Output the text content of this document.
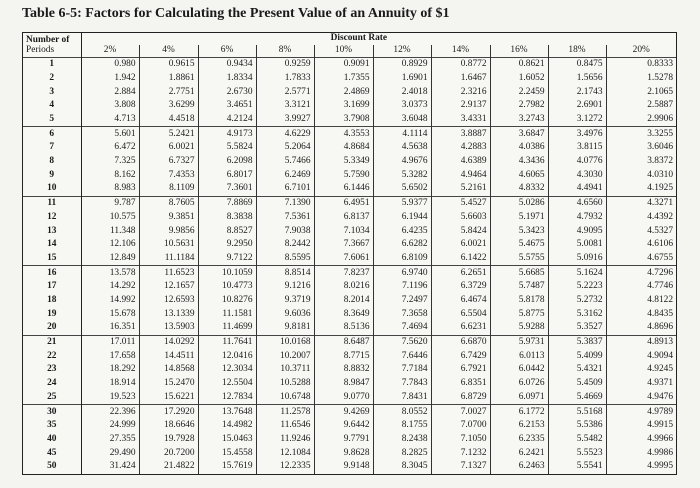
Table 6-5: Factors for Calculating the Present Value of an Annuity of $1
Number of	Discount Rate									
Periods	2%	4%	6%	8%	10%	12%	14%	16%	18%	20%
1	0.980	0.9615	0.9434	0.9259	0.9091	0.8929	0.8772	0.8621	0.8475	0.8333
2	1.942	1.8861	1.8334	1.7833	1.7355	1.6901	1.6467	1.6052	1.5656	1.5278
3	2.884	2.7751	2.6730	2.5771	2.4869	2.4018	2.3216	2.2459	2.1743	2.1065
4	3.808	3.6299	3.4651	3.3121	3.1699	3.0373	2.9137	2.7982	2.6901	2.5887
5	4.713	4.4518	4.2124	3.9927	3.7908	3.6048	3.4331	3.2743	3.1272	2.9906
6	5.601	5.2421	4.9173	4.6229	4.3553	4.1114	3.8887	3.6847	3.4976	3.3255
7	6.472	6.0021	5.5824	5.2064	4.8684	4.5638	4.2883	4.0386	3.8115	3.6046
8	7.325	6.7327	6.2098	5.7466	5.3349	4.9676	4.6389	4.3436	4.0776	3.8372
9	8.162	7.4353	6.8017	6.2469	5.7590	5.3282	4.9464	4.6065	4.3030	4.0310
10	8.983	8.1109	7.3601	6.7101	6.1446	5.6502	5.2161	4.8332	4.4941	4.1925
11	9.787	8.7605	7.8869	7.1390	6.4951	5.9377	5.4527	5.0286	4.6560	4.3271
12	10.575	9.3851	8.3838	7.5361	6.8137	6.1944	5.6603	5.1971	4.7932	4.4392
13	11.348	9.9856	8.8527	7.9038	7.1034	6.4235	5.8424	5.3423	4.9095	4.5327
14	12.106	10.5631	9.2950	8.2442	7.3667	6.6282	6.0021	5.4675	5.0081	4.6106
15	12.849	11.1184	9.7122	8.5595	7.6061	6.8109	6.1422	5.5755	5.0916	4.6755
16	13.578	11.6523	10.1059	8.8514	7.8237	6.9740	6.2651	5.6685	5.1624	4.7296
17	14.292	12.1657	10.4773	9.1216	8.0216	7.1196	6.3729	5.7487	5.2223	4.7746
18	14.992	12.6593	10.8276	9.3719	8.2014	7.2497	6.4674	5.8178	5.2732	4.8122
19	15.678	13.1339	11.1581	9.6036	8.3649	7.3658	6.5504	5.8775	5.3162	4.8435
20	16.351	13.5903	11.4699	9.8181	8.5136	7.4694	6.6231	5.9288	5.3527	4.8696
21	17.011	14.0292	11.7641	10.0168	8.6487	7.5620	6.6870	5.9731	5.3837	4.8913
22	17.658	14.4511	12.0416	10.2007	8.7715	7.6446	6.7429	6.0113	5.4099	4.9094
23	18.292	14.8568	12.3034	10.3711	8.8832	7.7184	6.7921	6.0442	5.4321	4.9245
24	18.914	15.2470	12.5504	10.5288	8.9847	7.7843	6.8351	6.0726	5.4509	4.9371
25	19.523	15.6221	12.7834	10.6748	9.0770	7.8431	6.8729	6.0971	5.4669	4.9476
30	22.396	17.2920	13.7648	11.2578	9.4269	8.0552	7.0027	6.1772	5.5168	4.9789
35	24.999	18.6646	14.4982	11.6546	9.6442	8.1755	7.0700	6.2153	5.5386	4.9915
40	27.355	19.7928	15.0463	11.9246	9.7791	8.2438	7.1050	6.2335	5.5482	4.9966
45	29.490	20.7200	15.4558	12.1084	9.8628	8.2825	7.1232	6.2421	5.5523	4.9986
50	31.424	21.4822	15.7619	12.2335	9.9148	8.3045	7.1327	6.2463	5.5541	4.9995
